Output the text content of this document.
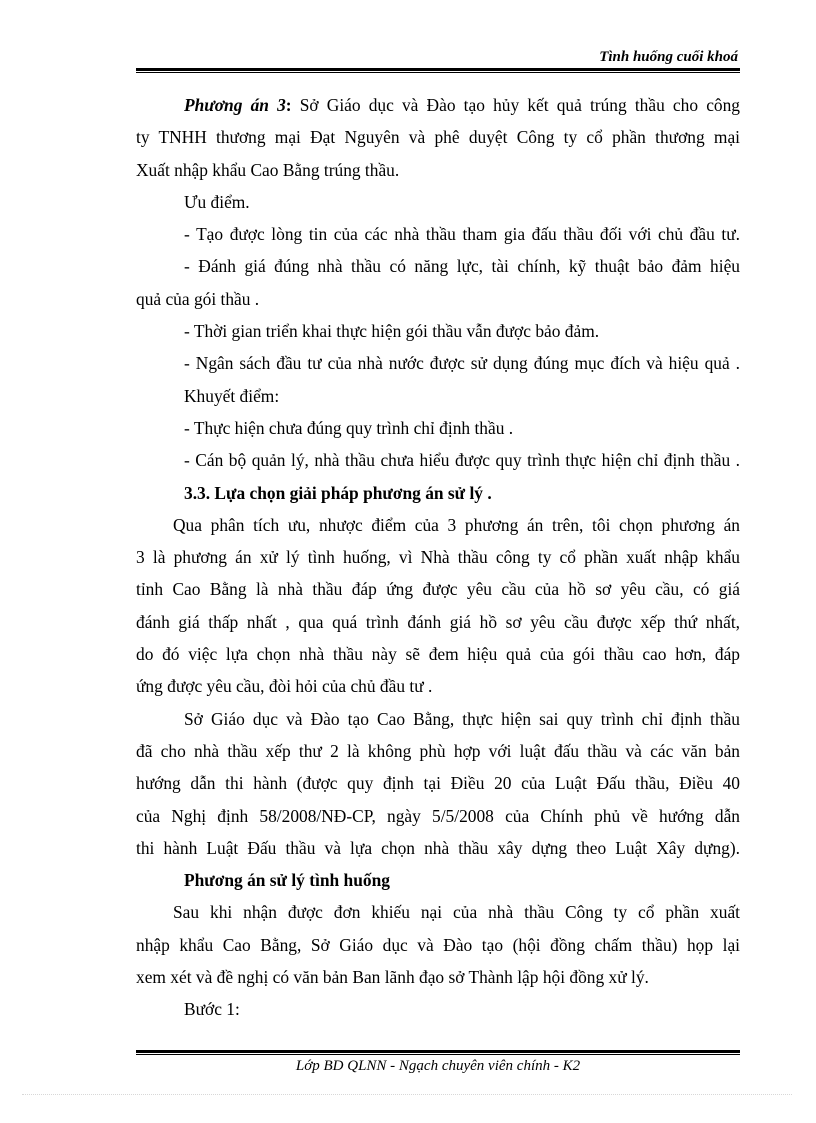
Tình huống cuối khoá
Phương án 3: Sở Giáo dục và Đào tạo hủy kết quả trúng thầu cho công
ty TNHH thương mại Đạt Nguyên và phê duyệt Công ty cổ phần thương mại
Xuất nhập khẩu Cao Bằng trúng thầu.
Ưu điểm.
- Tạo được lòng tin của các nhà thầu tham gia đấu thầu đối với chủ đầu tư.
- Đánh giá đúng nhà thầu có năng lực, tài chính, kỹ thuật bảo đảm hiệu
quả của gói thầu .
- Thời gian triển khai thực hiện gói thầu vẫn được bảo đảm.
- Ngân sách đầu tư của nhà nước được sử dụng đúng mục đích và hiệu quả .
Khuyết điểm:
- Thực hiện chưa đúng quy trình chỉ định thầu .
- Cán bộ quản lý, nhà thầu chưa hiểu được quy trình thực hiện chỉ định thầu .
3.3. Lựa chọn giải pháp phương án sử lý .
Qua phân tích ưu, nhược điểm của 3 phương án trên, tôi chọn phương án
3 là phương án xử lý tình huống, vì Nhà thầu công ty cổ phần xuất nhập khẩu
tỉnh Cao Bằng là nhà thầu đáp ứng được yêu cầu của hồ sơ yêu cầu, có giá
đánh giá thấp nhất , qua quá trình đánh giá hồ sơ yêu cầu được xếp thứ nhất,
do đó việc lựa chọn nhà thầu này sẽ đem hiệu quả của gói thầu cao hơn, đáp
ứng được yêu cầu, đòi hỏi của chủ đầu tư .
Sở Giáo dục và Đào tạo Cao Bằng, thực hiện sai quy trình chỉ định thầu
đã cho nhà thầu xếp thư 2 là không phù hợp với luật đấu thầu và các văn bản
hướng dẫn thi hành (được quy định tại Điều 20 của Luật Đấu thầu, Điều 40
của Nghị định 58/2008/NĐ-CP, ngày 5/5/2008 của Chính phủ về hướng dẫn
thi hành Luật Đấu thầu và lựa chọn nhà thầu xây dựng theo Luật Xây dựng).
Phương án sử lý tình huống
Sau khi nhận được đơn khiếu nại của nhà thầu Công ty cổ phần xuất
nhập khẩu Cao Bằng, Sở Giáo dục và Đào tạo (hội đồng chấm thầu) họp lại
xem xét và đề nghị có văn bản Ban lãnh đạo sở Thành lập hội đồng xử lý.
Bước 1:
Lớp BD QLNN - Ngạch chuyên viên chính - K2
